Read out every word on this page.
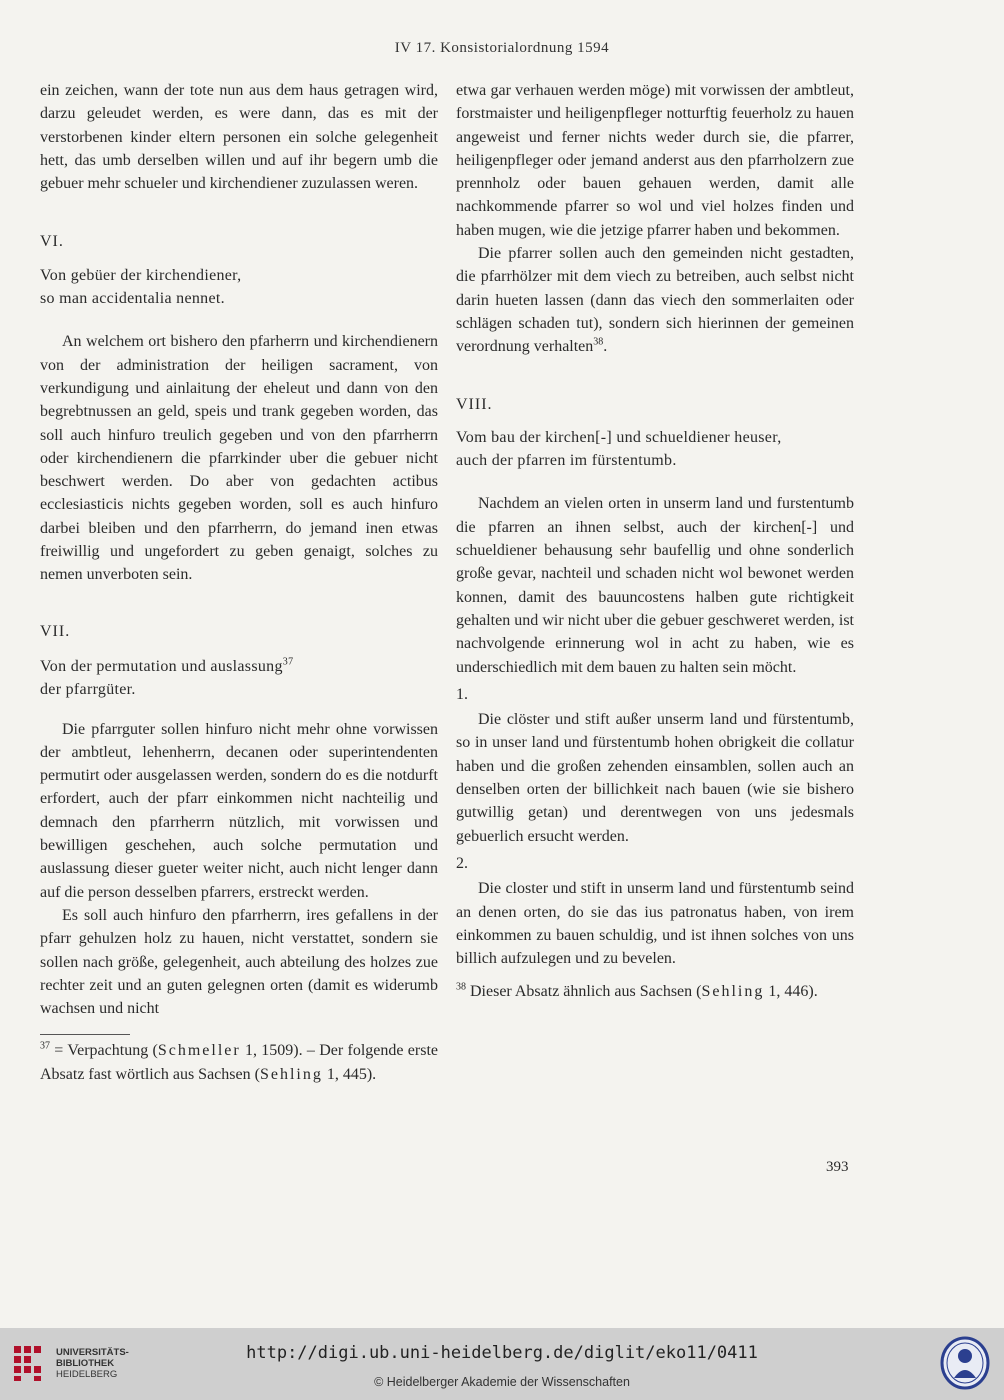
IV 17. Konsistorialordnung 1594

ein zeichen, wann der tote nun aus dem haus getragen wird, darzu geleudet werden, es were dann, das es mit der verstorbenen kinder eltern personen ein solche gelegenheit hett, das umb derselben willen und auf ihr begern umb die gebuer mehr schueler und kirchendiener zuzulassen weren.

VI.

Von gebüer der kirchendiener,
so man accidentalia nennet.

An welchem ort bishero den pfarherrn und kirchendienern von der administration der heiligen sacrament, von verkundigung und ainlaitung der eheleut und dann von den begrebtnussen an geld, speis und trank gegeben worden, das soll auch hinfuro treulich gegeben und von den pfarrherrn oder kirchendienern die pfarrkinder uber die gebuer nicht beschwert werden. Do aber von gedachten actibus ecclesiasticis nichts gegeben worden, soll es auch hinfuro darbei bleiben und den pfarrherrn, do jemand inen etwas freiwillig und ungefordert zu geben genaigt, solches zu nemen unverboten sein.

VII.

Von der permutation und auslassung$^{37}$
der pfarrgüter.

Die pfarrguter sollen hinfuro nicht mehr ohne vorwissen der ambtleut, lehenherrn, decanen oder superintendenten permutirt oder ausgelassen werden, sondern do es die notdurft erfordert, auch der pfarr einkommen nicht nachteilig und demnach den pfarrherrn nützlich, mit vorwissen und bewilligen geschehen, auch solche permutation und auslassung dieser gueter weiter nicht, auch nicht lenger dann auf die person desselben pfarrers, erstreckt werden.

Es soll auch hinfuro den pfarrherrn, ires gefallens in der pfarr gehulzen holz zu hauen, nicht verstattet, sondern sie sollen nach größe, gelegenheit, auch abteilung des holzes zue rechter zeit und an guten gelegnen orten (damit es widerumb wachsen und nicht

$^{37}$ = Verpachtung (Schmeller 1, 1509). – Der folgende erste Absatz fast wörtlich aus Sachsen (Sehling 1, 445).

etwa gar verhauen werden möge) mit vorwissen der ambtleut, forstmaister und heiligenpfleger notturftig feuerholz zu hauen angeweist und ferner nichts weder durch sie, die pfarrer, heiligenpfleger oder jemand anderst aus den pfarrholzern zue prennholz oder bauen gehauen werden, damit alle nachkommende pfarrer so wol und viel holzes finden und haben mugen, wie die jetzige pfarrer haben und bekommen.

Die pfarrer sollen auch den gemeinden nicht gestadten, die pfarrhölzer mit dem viech zu betreiben, auch selbst nicht darin hueten lassen (dann das viech den sommerlaiten oder schlägen schaden tut), sondern sich hierinnen der gemeinen verordnung verhalten$^{38}$.

VIII.

Vom bau der kirchen[-] und schueldiener heuser,
auch der pfarren im fürstentumb.

Nachdem an vielen orten in unserm land und furstentumb die pfarren an ihnen selbst, auch der kirchen[-] und schueldiener behausung sehr baufellig und ohne sonderlich große gevar, nachteil und schaden nicht wol bewonet werden konnen, damit des bauuncostens halben gute richtigkeit gehalten und wir nicht uber die gebuer geschweret werden, ist nachvolgende erinnerung wol in acht zu haben, wie es underschiedlich mit dem bauen zu halten sein möcht.

1.

Die clöster und stift außer unserm land und fürstentumb, so in unser land und fürstentumb hohen obrigkeit die collatur haben und die großen zehenden einsamblen, sollen auch an denselben orten der billichkeit nach bauen (wie sie bishero gutwillig getan) und derentwegen von uns jedesmals gebuerlich ersucht werden.

2.

Die closter und stift in unserm land und fürstentumb seind an denen orten, do sie das ius patronatus haben, von irem einkommen zu bauen schuldig, und ist ihnen solches von uns billich aufzulegen und zu bevelen.

$^{38}$ Dieser Absatz ähnlich aus Sachsen (Sehling 1, 446).

393
UNIVERSITÄTS-
BIBLIOTHEK
HEIDELBERG
http://digi.ub.uni-heidelberg.de/diglit/eko11/0411
© Heidelberger Akademie der Wissenschaften
